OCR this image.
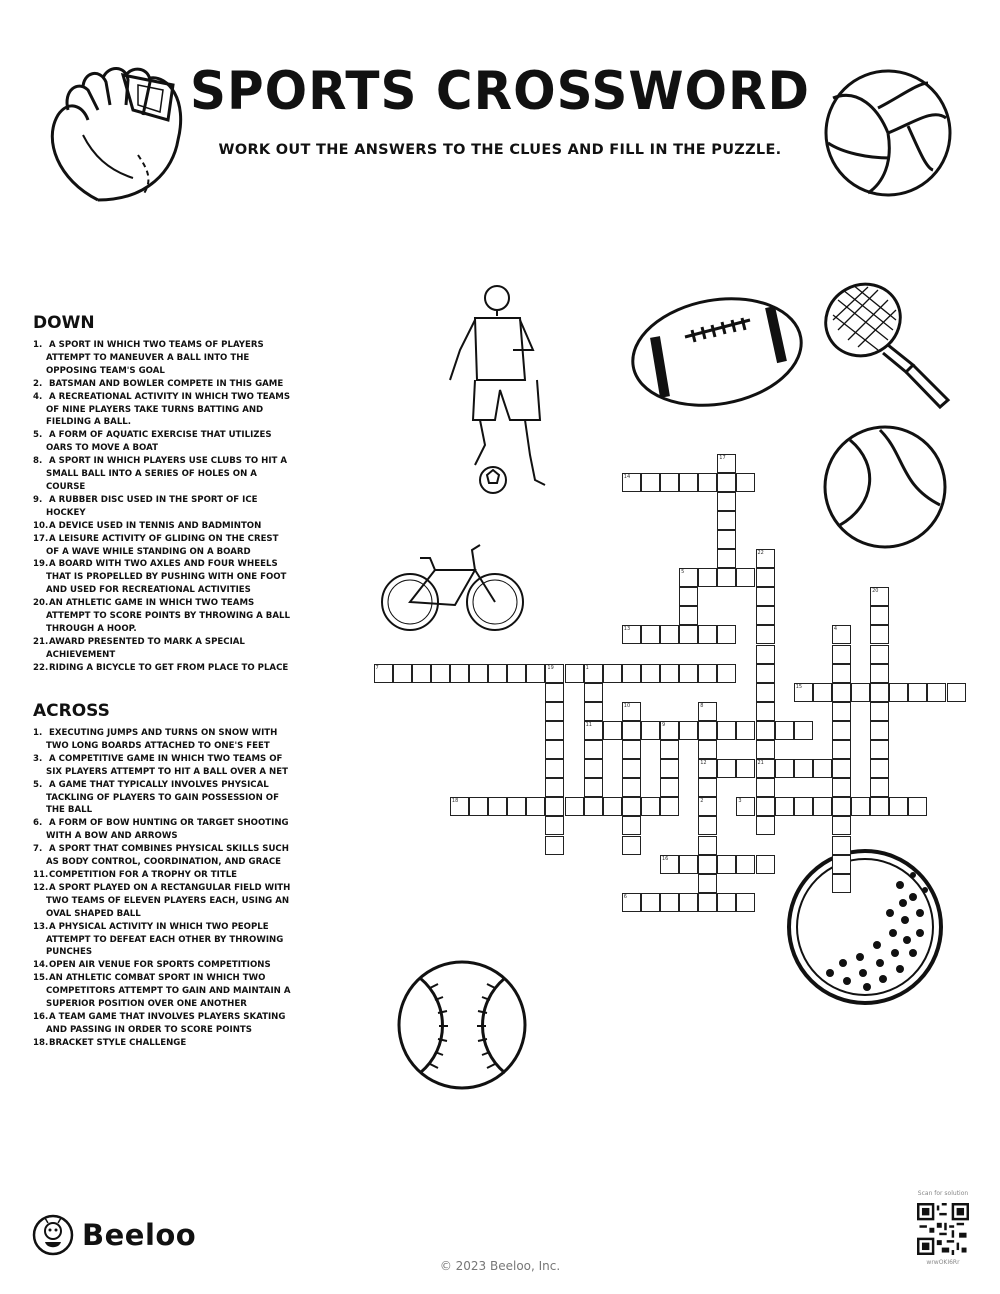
SPORTS CROSSWORD
WORK OUT THE ANSWERS TO THE CLUES AND FILL IN THE PUZZLE.
DOWN
1. A SPORT IN WHICH TWO TEAMS OF PLAYERS ATTEMPT TO MANEUVER A BALL INTO THE OPPOSING TEAM'S GOAL
2. BATSMAN AND BOWLER COMPETE IN THIS GAME
4. A RECREATIONAL ACTIVITY IN WHICH TWO TEAMS OF NINE PLAYERS TAKE TURNS BATTING AND FIELDING A BALL.
5. A FORM OF AQUATIC EXERCISE THAT UTILIZES OARS TO MOVE A BOAT
8. A SPORT IN WHICH PLAYERS USE CLUBS TO HIT A SMALL BALL INTO A SERIES OF HOLES ON A COURSE
9. A RUBBER DISC USED IN THE SPORT OF ICE HOCKEY
10. A DEVICE USED IN TENNIS AND BADMINTON
17. A LEISURE ACTIVITY OF GLIDING ON THE CREST OF A WAVE WHILE STANDING ON A BOARD
19. A BOARD WITH TWO AXLES AND FOUR WHEELS THAT IS PROPELLED BY PUSHING WITH ONE FOOT AND USED FOR RECREATIONAL ACTIVITIES
20. AN ATHLETIC GAME IN WHICH TWO TEAMS ATTEMPT TO SCORE POINTS BY THROWING A BALL THROUGH A HOOP.
21. AWARD PRESENTED TO MARK A SPECIAL ACHIEVEMENT
22. RIDING A BICYCLE TO GET FROM PLACE TO PLACE
ACROSS
1. EXECUTING JUMPS AND TURNS ON SNOW WITH TWO LONG BOARDS ATTACHED TO ONE'S FEET
3. A COMPETITIVE GAME IN WHICH TWO TEAMS OF SIX PLAYERS ATTEMPT TO HIT A BALL OVER A NET
5. A GAME THAT TYPICALLY INVOLVES PHYSICAL TACKLING OF PLAYERS TO GAIN POSSESSION OF THE BALL
6. A FORM OF BOW HUNTING OR TARGET SHOOTING WITH A BOW AND ARROWS
7. A SPORT THAT COMBINES PHYSICAL SKILLS SUCH AS BODY CONTROL, COORDINATION, AND GRACE
11. COMPETITION FOR A TROPHY OR TITLE
12. A SPORT PLAYED ON A RECTANGULAR FIELD WITH TWO TEAMS OF ELEVEN PLAYERS EACH, USING AN OVAL SHAPED BALL
13. A PHYSICAL ACTIVITY IN WHICH TWO PEOPLE ATTEMPT TO DEFEAT EACH OTHER BY THROWING PUNCHES
14. OPEN AIR VENUE FOR SPORTS COMPETITIONS
15. AN ATHLETIC COMBAT SPORT IN WHICH TWO COMPETITORS ATTEMPT TO GAIN AND MAINTAIN A SUPERIOR POSITION OVER ONE ANOTHER
16. A TEAM GAME THAT INVOLVES PLAYERS SKATING AND PASSING IN ORDER TO SCORE POINTS
18. BRACKET STYLE CHALLENGE
14
17
22
21
5
13	4
7	19	1
11
15
10	8
12
2
9
18	3
16
6
20
Beeloo
© 2023 Beeloo, Inc.
Scan for solution
wrwOKI6Rr
